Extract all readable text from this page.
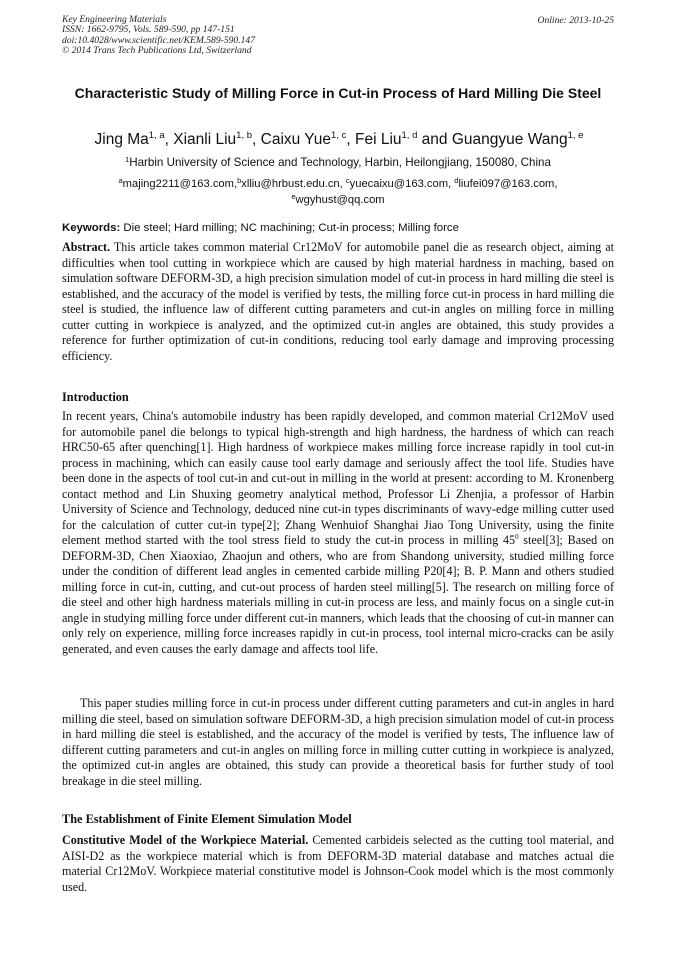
Key Engineering Materials
ISSN: 1662-9795, Vols. 589-590, pp 147-151
doi:10.4028/www.scientific.net/KEM.589-590.147
© 2014 Trans Tech Publications Ltd, Switzerland
Online: 2013-10-25
Characteristic Study of Milling Force in Cut-in Process of Hard Milling Die Steel
Jing Ma$^{1, a}$, Xianli Liu$^{1, b}$, Caixu Yue$^{1, c}$, Fei Liu$^{1, d}$ and Guangyue Wang$^{1, e}$
$^1$Harbin University of Science and Technology, Harbin, Heilongjiang, 150080, China
$^a$majing2211@163.com,$^b$xlliu@hrbust.edu.cn, $^c$yuecaixu@163.com, $^d$liufei097@163.com,
$^e$wgyhust@qq.com
Keywords: Die steel; Hard milling; NC machining; Cut-in process; Milling force
Abstract. This article takes common material Cr12MoV for automobile panel die as research object, aiming at difficulties when tool cutting in workpiece which are caused by high material hardness in maching, based on simulation software DEFORM-3D, a high precision simulation model of cut-in process in hard milling die steel is established, and the accuracy of the model is verified by tests, the milling force cut-in process in hard milling die steel is studied, the influence law of different cutting parameters and cut-in angles on milling force in milling cutter cutting in workpiece is analyzed, and the optimized cut-in angles are obtained, this study provides a reference for further optimization of cut-in conditions, reducing tool early damage and improving processing efficiency.
Introduction
In recent years, China's automobile industry has been rapidly developed, and common material Cr12MoV used for automobile panel die belongs to typical high-strength and high hardness, the hardness of which can reach HRC50-65 after quenching[1]. High hardness of workpiece makes milling force increase rapidly in tool cut-in process in machining, which can easily cause tool early damage and seriously affect the tool life. Studies have been done in the aspects of tool cut-in and cut-out in milling in the world at present: according to M. Kronenberg contact method and Lin Shuxing geometry analytical method, Professor Li Zhenjia, a professor of Harbin University of Science and Technology, deduced nine cut-in types discriminants of wavy-edge milling cutter used for the calculation of cutter cut-in type[2]; Zhang Wenhuiof Shanghai Jiao Tong University, using the finite element method started with the tool stress field to study the cut-in process in milling $45^0$ steel[3]; Based on DEFORM-3D, Chen Xiaoxiao, Zhaojun and others, who are from Shandong university, studied milling force under the condition of different lead angles in cemented carbide milling P20[4]; B. P. Mann and others studied milling force in cut-in, cutting, and cut-out process of harden steel milling[5]. The research on milling force of die steel and other high hardness materials milling in cut-in process are less, and mainly focus on a single cut-in angle in studying milling force under different cut-in manners, which leads that the choosing of cut-in manner can only rely on experience, milling force increases rapidly in cut-in process, tool internal micro-cracks can be asily generated, and even causes the early damage and affects tool life.
This paper studies milling force in cut-in process under different cutting parameters and cut-in angles in hard milling die steel, based on simulation software DEFORM-3D, a high precision simulation model of cut-in process in hard milling die steel is established, and the accuracy of the model is verified by tests, The influence law of different cutting parameters and cut-in angles on milling force in milling cutter cutting in workpiece is analyzed, the optimized cut-in angles are obtained, this study can provide a theoretical basis for further study of tool breakage in die steel milling.
The Establishment of Finite Element Simulation Model
Constitutive Model of the Workpiece Material. Cemented carbideis selected as the cutting tool material, and AISI-D2 as the workpiece material which is from DEFORM-3D material database and matches actual die material Cr12MoV. Workpiece material constitutive model is Johnson-Cook model which is the most commonly used.
